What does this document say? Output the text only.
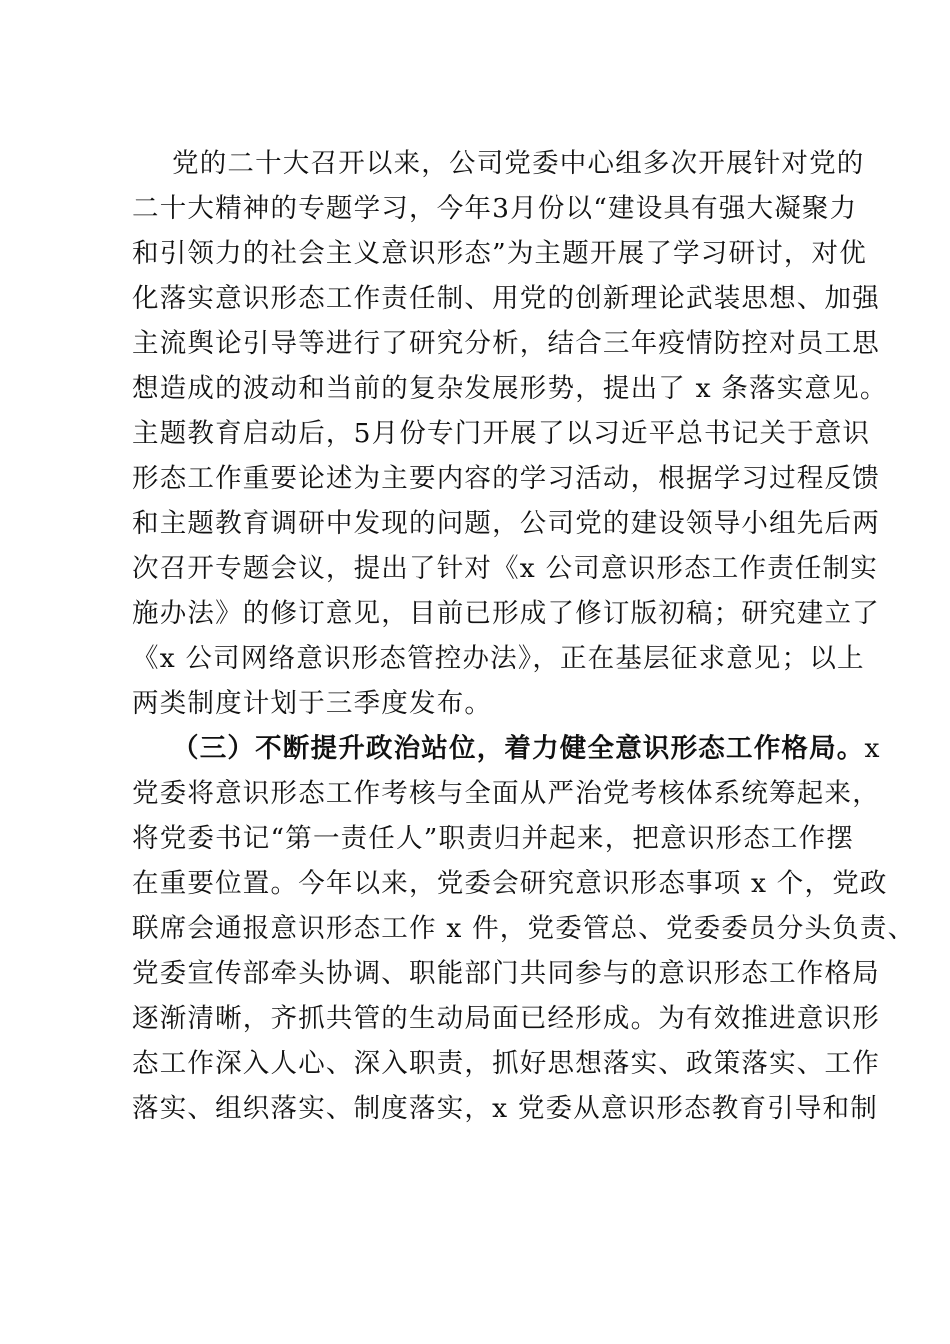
党的二十大召开以来，公司党委中心组多次开展针对党的
二十大精神的专题学习，今年3月份以“建设具有强大凝聚力
和引领力的社会主义意识形态”为主题开展了学习研讨，对优
化落实意识形态工作责任制、用党的创新理论武装思想、加强
主流舆论引导等进行了研究分析，结合三年疫情防控对员工思
想造成的波动和当前的复杂发展形势，提出了 x 条落实意见。
主题教育启动后，5月份专门开展了以习近平总书记关于意识
形态工作重要论述为主要内容的学习活动，根据学习过程反馈
和主题教育调研中发现的问题，公司党的建设领导小组先后两
次召开专题会议，提出了针对《x 公司意识形态工作责任制实
施办法》的修订意见，目前已形成了修订版初稿；研究建立了
《x 公司网络意识形态管控办法》，正在基层征求意见；以上
两类制度计划于三季度发布。
（三）不断提升政治站位，着力健全意识形态工作格局。x
党委将意识形态工作考核与全面从严治党考核体系统筹起来，
将党委书记“第一责任人”职责归并起来，把意识形态工作摆
在重要位置。今年以来，党委会研究意识形态事项 x 个，党政
联席会通报意识形态工作 x 件，党委管总、党委委员分头负责、
党委宣传部牵头协调、职能部门共同参与的意识形态工作格局
逐渐清晰，齐抓共管的生动局面已经形成。为有效推进意识形
态工作深入人心、深入职责，抓好思想落实、政策落实、工作
落实、组织落实、制度落实，x 党委从意识形态教育引导和制
